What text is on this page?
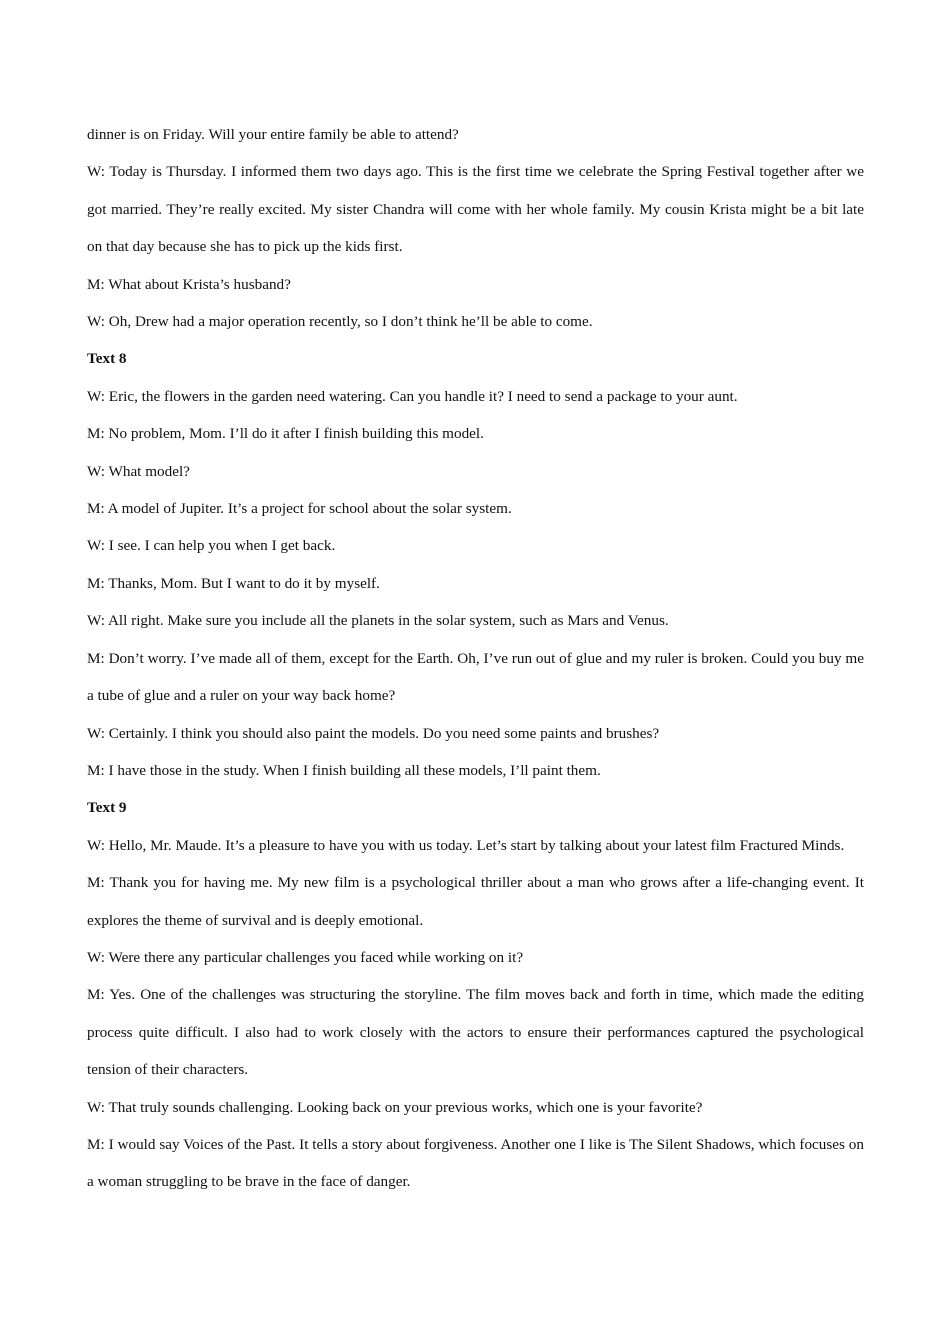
dinner is on Friday. Will your entire family be able to attend?

W: Today is Thursday. I informed them two days ago. This is the first time we celebrate the Spring Festival together after we got married. They’re really excited. My sister Chandra will come with her whole family. My cousin Krista might be a bit late on that day because she has to pick up the kids first.

M: What about Krista’s husband?

W: Oh, Drew had a major operation recently, so I don’t think he’ll be able to come.

Text 8

W: Eric, the flowers in the garden need watering. Can you handle it? I need to send a package to your aunt.

M: No problem, Mom. I’ll do it after I finish building this model.

W: What model?

M: A model of Jupiter. It’s a project for school about the solar system.

W: I see. I can help you when I get back.

M: Thanks, Mom. But I want to do it by myself.

W: All right. Make sure you include all the planets in the solar system, such as Mars and Venus.

M: Don’t worry. I’ve made all of them, except for the Earth. Oh, I’ve run out of glue and my ruler is broken. Could you buy me a tube of glue and a ruler on your way back home?

W: Certainly. I think you should also paint the models. Do you need some paints and brushes?

M: I have those in the study. When I finish building all these models, I’ll paint them.

Text 9

W: Hello, Mr. Maude. It’s a pleasure to have you with us today. Let’s start by talking about your latest film Fractured Minds.

M: Thank you for having me. My new film is a psychological thriller about a man who grows after a life-changing event. It explores the theme of survival and is deeply emotional.

W: Were there any particular challenges you faced while working on it?

M: Yes. One of the challenges was structuring the storyline. The film moves back and forth in time, which made the editing process quite difficult. I also had to work closely with the actors to ensure their performances captured the psychological tension of their characters.

W: That truly sounds challenging. Looking back on your previous works, which one is your favorite?

M: I would say Voices of the Past. It tells a story about forgiveness. Another one I like is The Silent Shadows, which focuses on a woman struggling to be brave in the face of danger.
